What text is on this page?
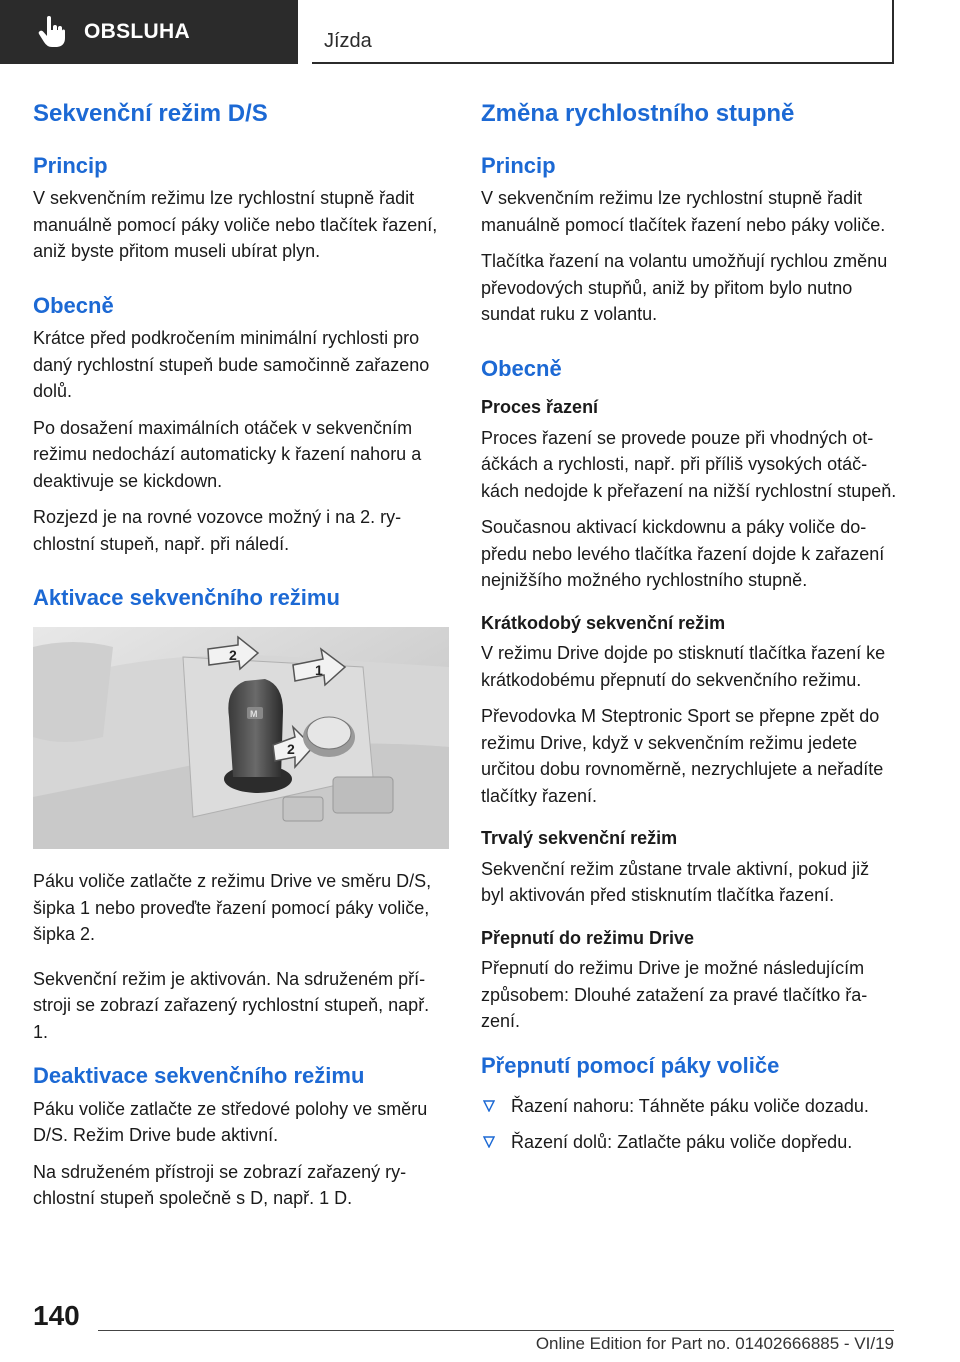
OBSLUHA	Jízda
Sekvenční režim D/S
Princip

V sekvenčním režimu lze rychlostní stupně řadit manuálně pomocí páky voliče nebo tlačítek řazení, aniž byste přitom museli ubírat plyn.

Obecně

Krátce před podkročením minimální rychlosti pro daný rychlostní stupeň bude samočinně zařazeno dolů.

Po dosažení maximálních otáček v sekvenčním režimu nedochází automaticky k řazení nahoru a deaktivuje se kickdown.

Rozjezd je na rovné vozovce možný i na 2. rychlostní stupeň, např. při náledí.

Aktivace sekvenčního režimu
2
1
M
2

Páku voliče zatlačte z režimu Drive ve směru D/S, šipka 1 nebo proveďte řazení pomocí páky voliče, šipka 2.

Sekvenční režim je aktivován. Na sdruženém přístroji se zobrazí zařazený rychlostní stupeň, např. 1.

Deaktivace sekvenčního režimu

Páku voliče zatlačte ze středové polohy ve směru D/S. Režim Drive bude aktivní.

Na sdruženém přístroji se zobrazí zařazený rychlostní stupeň společně s D, např. 1 D.

Změna rychlostního stupně
Princip

V sekvenčním režimu lze rychlostní stupně řadit manuálně pomocí tlačítek řazení nebo páky voliče.

Tlačítka řazení na volantu umožňují rychlou změnu převodových stupňů, aniž by přitom bylo nutno sundat ruku z volantu.

Obecně
Proces řazení

Proces řazení se provede pouze při vhodných otáčkách a rychlosti, např. při příliš vysokých otáčkách nedojde k přeřazení na nižší rychlostní stupeň.

Současnou aktivací kickdownu a páky voliče dopředu nebo levého tlačítka řazení dojde k zařazení nejnižšího možného rychlostního stupně.

Krátkodobý sekvenční režim

V režimu Drive dojde po stisknutí tlačítka řazení ke krátkodobému přepnutí do sekvenčního režimu.

Převodovka M Steptronic Sport se přepne zpět do režimu Drive, když v sekvenčním režimu jedete určitou dobu rovnoměrně, nezrychlujete a neřadíte tlačítky řazení.

Trvalý sekvenční režim

Sekvenční režim zůstane trvale aktivní, pokud již byl aktivován před stisknutím tlačítka řazení.

Přepnutí do režimu Drive

Přepnutí do režimu Drive je možné následujícím způsobem: Dlouhé zatažení za pravé tlačítko řazení.

Přepnutí pomocí páky voliče
Řazení nahoru: Táhněte páku voliče dozadu.
Řazení dolů: Zatlačte páku voliče dopředu.
140
Online Edition for Part no. 01402666885 - VI/19
